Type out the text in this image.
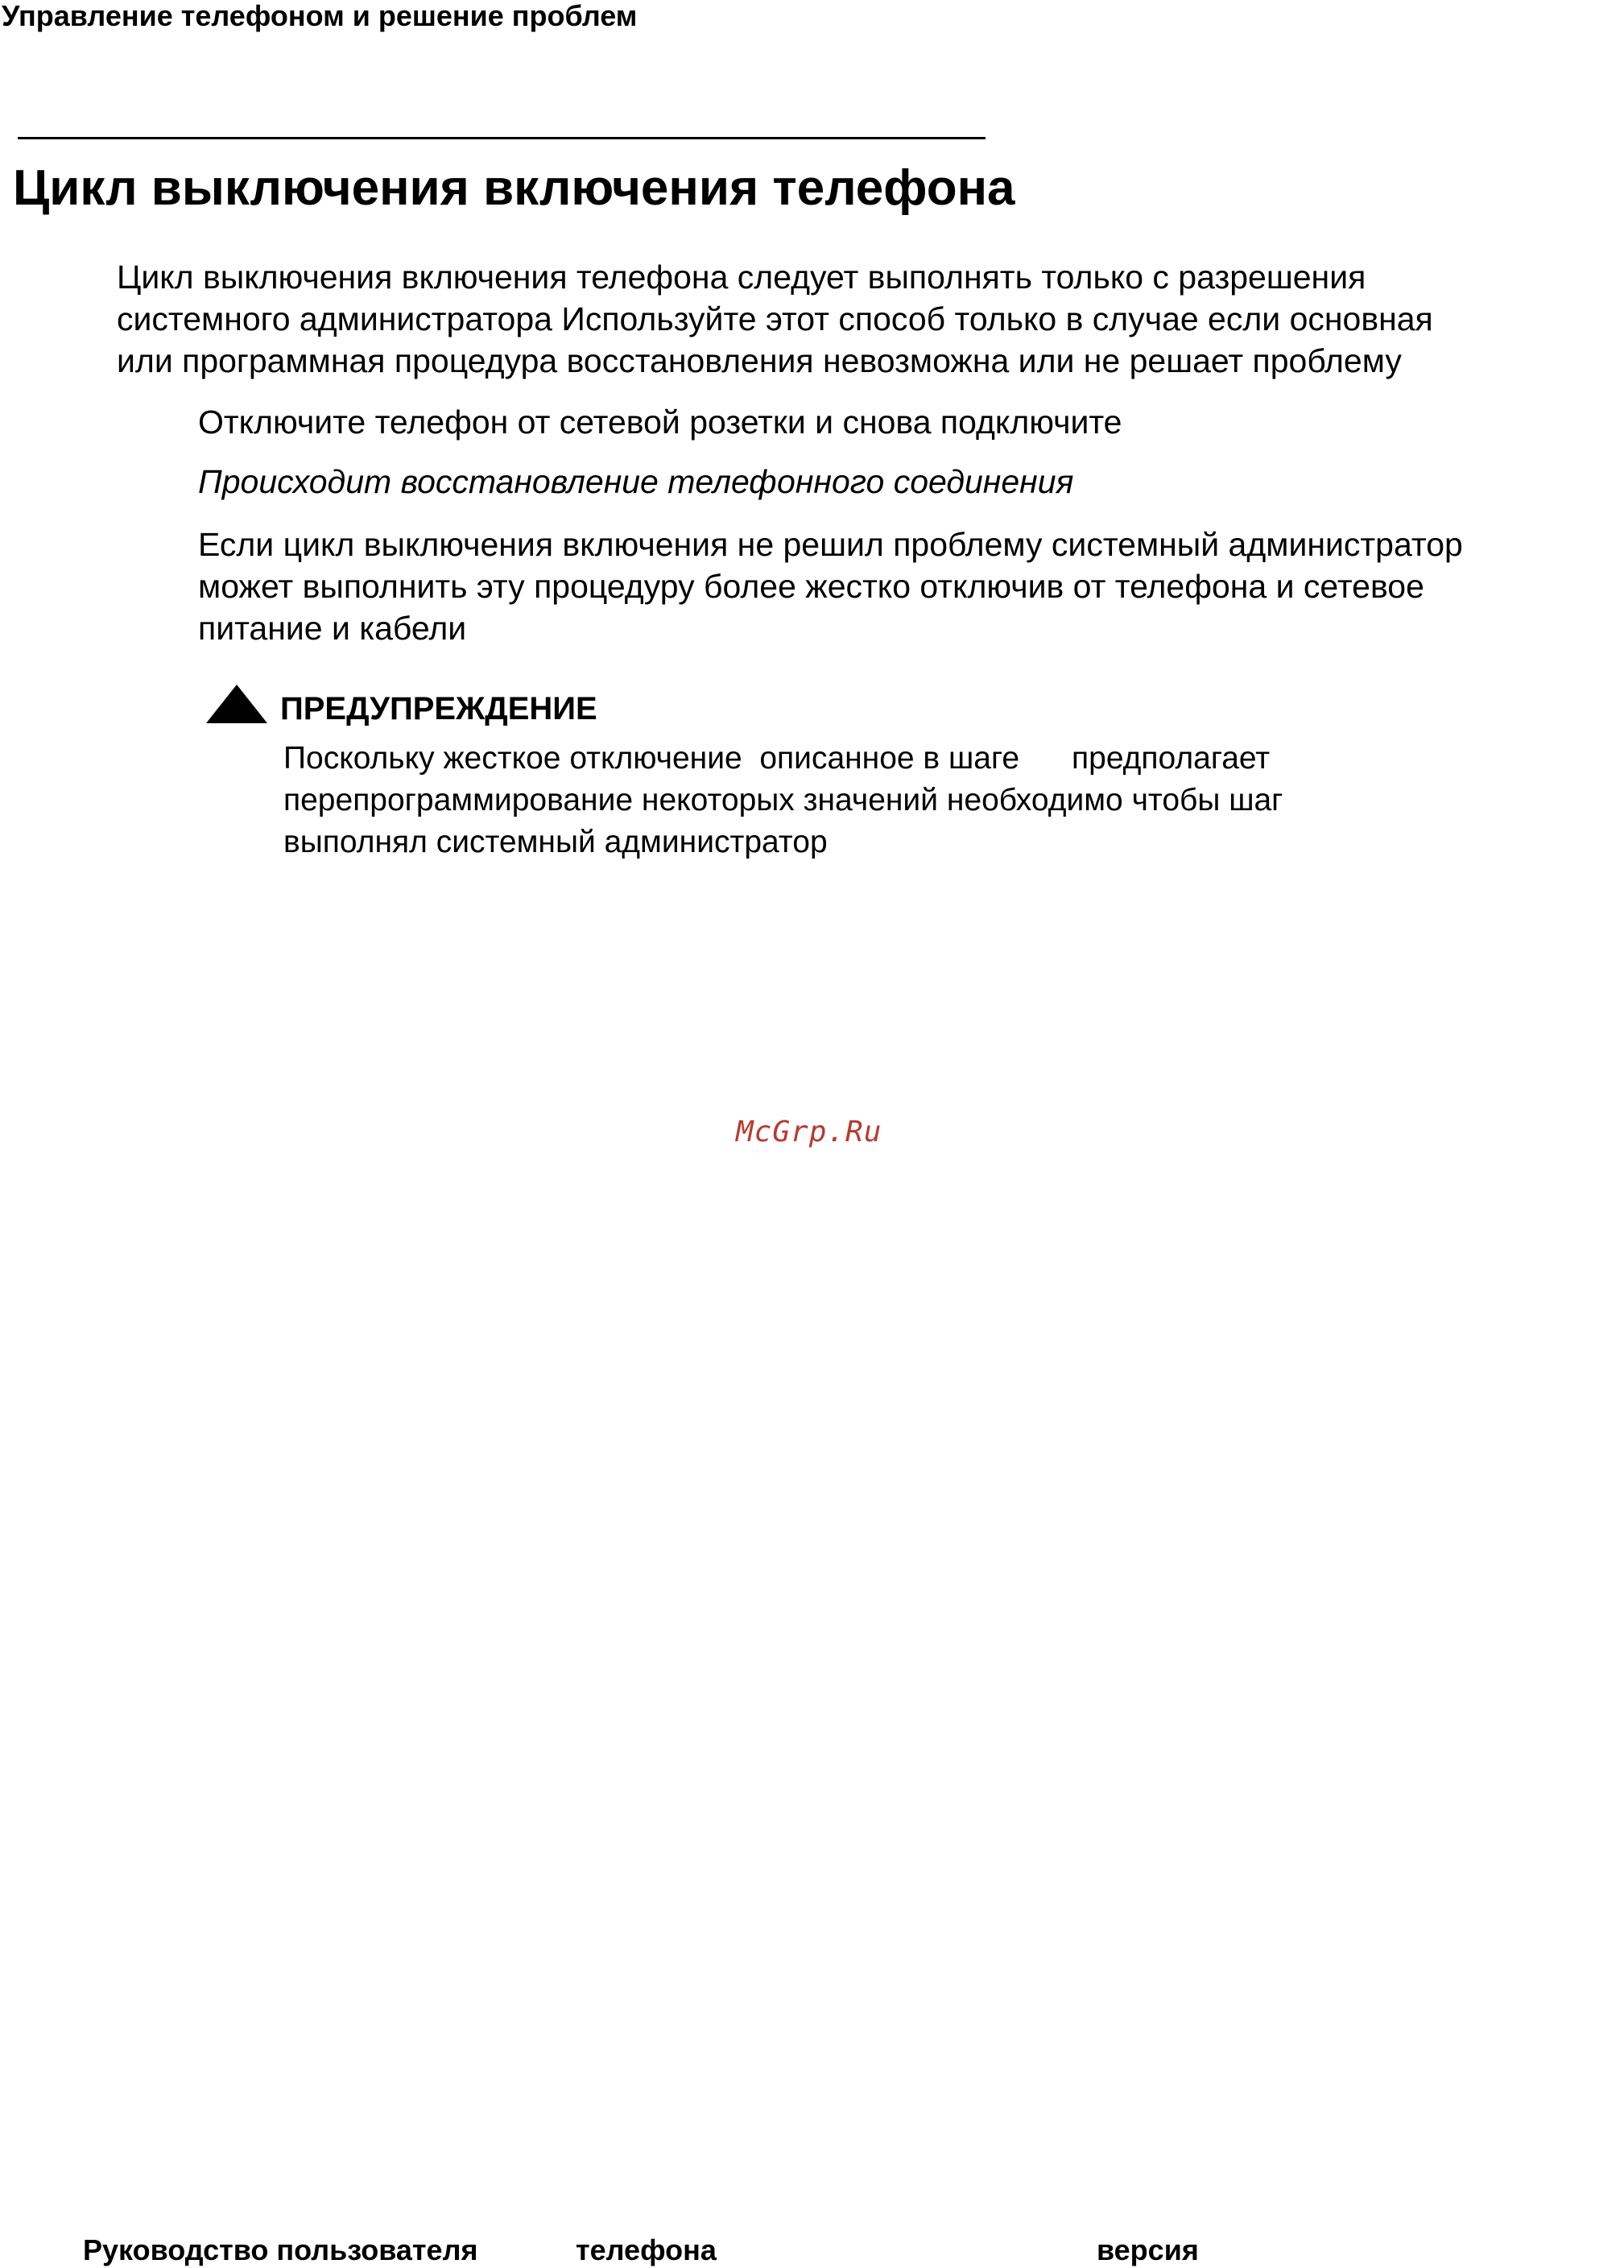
Управление телефоном и решение проблем
Цикл выключения включения телефона

Цикл выключения включения телефона следует выполнять только с разрешения
системного администратора Используйте этот способ только в случае если основная
или программная процедура восстановления невозможна или не решает проблему

Отключите телефон от сетевой розетки и снова подключите

Происходит восстановление телефонного соединения

Если цикл выключения включения не решил проблему системный администратор
может выполнить эту процедуру более жестко отключив от телефона и сетевое
питание и кабели

ПРЕДУПРЕЖДЕНИЕ

Поскольку жесткое отключение  описанное в шаге      предполагает
перепрограммирование некоторых значений необходимо чтобы шаг
выполнял системный администратор

McGrp.Ru
Руководство пользователя	телефона	версия
